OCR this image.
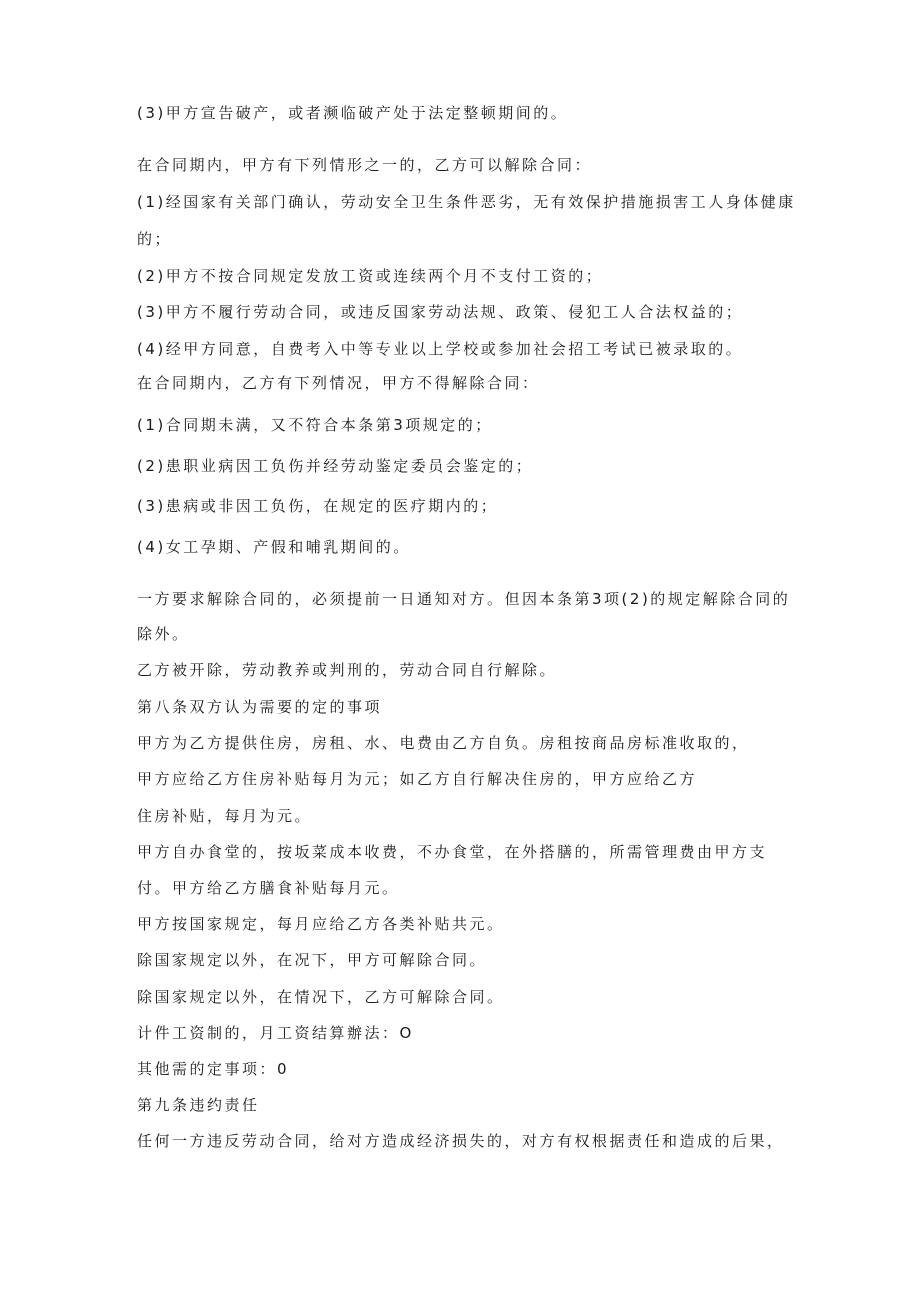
(3)甲方宣告破产，或者濒临破产处于法定整顿期间的。
在合同期内，甲方有下列情形之一的，乙方可以解除合同：
(1)经国家有关部门确认，劳动安全卫生条件恶劣，无有效保护措施损害工人身体健康
的；
(2)甲方不按合同规定发放工资或连续两个月不支付工资的；
(3)甲方不履行劳动合同，或违反国家劳动法规、政策、侵犯工人合法权益的；
(4)经甲方同意，自费考入中等专业以上学校或参加社会招工考试已被录取的。
在合同期内，乙方有下列情况，甲方不得解除合同：
(1)合同期未满，又不符合本条第3项规定的；
(2)患职业病因工负伤并经劳动鉴定委员会鉴定的；
(3)患病或非因工负伤，在规定的医疗期内的；
(4)女工孕期、产假和哺乳期间的。
一方要求解除合同的，必须提前一日通知对方。但因本条第3项(2)的规定解除合同的
除外。
乙方被开除，劳动教养或判刑的，劳动合同自行解除。
第八条双方认为需要的定的事项
甲方为乙方提供住房，房租、水、电费由乙方自负。房租按商品房标准收取的，
甲方应给乙方住房补贴每月为元；如乙方自行解决住房的，甲方应给乙方
住房补贴，每月为元。
甲方自办食堂的，按坂菜成本收费，不办食堂，在外搭膳的，所需管理费由甲方支
付。甲方给乙方膳食补贴每月元。
甲方按国家规定，每月应给乙方各类补贴共元。
除国家规定以外，在况下，甲方可解除合同。
除国家规定以外，在情况下，乙方可解除合同。
计件工资制的，月工资结算辦法：O
其他需的定事项：0
第九条违约责任
任何一方违反劳动合同，给对方造成经济损失的，对方有权根据责任和造成的后果，
